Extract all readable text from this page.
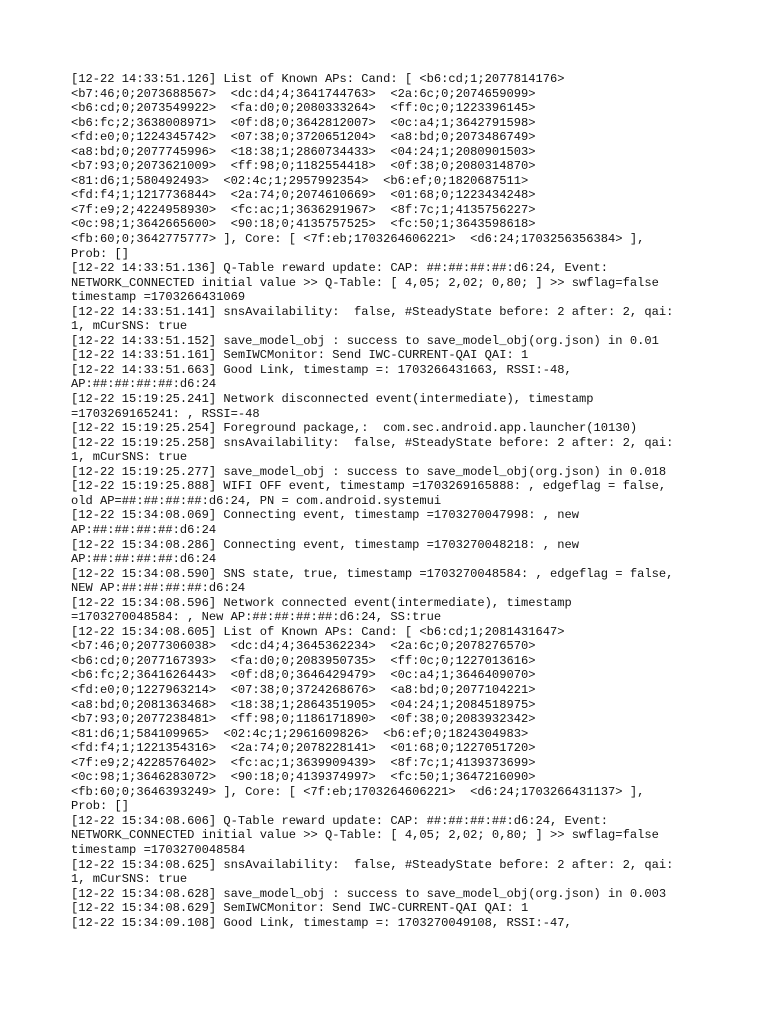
[12-22 14:33:51.126] List of Known APs: Cand: [ <b6:cd;1;2077814176>
<b7:46;0;2073688567>  <dc:d4;4;3641744763>  <2a:6c;0;2074659099>
<b6:cd;0;2073549922>  <fa:d0;0;2080333264>  <ff:0c;0;1223396145>
<b6:fc;2;3638008971>  <0f:d8;0;3642812007>  <0c:a4;1;3642791598>
<fd:e0;0;1224345742>  <07:38;0;3720651204>  <a8:bd;0;2073486749>
<a8:bd;0;2077745996>  <18:38;1;2860734433>  <04:24;1;2080901503>
<b7:93;0;2073621009>  <ff:98;0;1182554418>  <0f:38;0;2080314870>
<81:d6;1;580492493>  <02:4c;1;2957992354>  <b6:ef;0;1820687511>
<fd:f4;1;1217736844>  <2a:74;0;2074610669>  <01:68;0;1223434248>
<7f:e9;2;4224958930>  <fc:ac;1;3636291967>  <8f:7c;1;4135756227>
<0c:98;1;3642665600>  <90:18;0;4135757525>  <fc:50;1;3643598618>
<fb:60;0;3642775777> ], Core: [ <7f:eb;1703264606221>  <d6:24;1703256356384> ],
Prob: []
[12-22 14:33:51.136] Q-Table reward update: CAP: ##:##:##:##:d6:24, Event:
NETWORK_CONNECTED initial value >> Q-Table: [ 4,05; 2,02; 0,80; ] >> swflag=false
timestamp =1703266431069
[12-22 14:33:51.141] snsAvailability:  false, #SteadyState before: 2 after: 2, qai:
1, mCurSNS: true
[12-22 14:33:51.152] save_model_obj : success to save_model_obj(org.json) in 0.01
[12-22 14:33:51.161] SemIWCMonitor: Send IWC-CURRENT-QAI QAI: 1
[12-22 14:33:51.663] Good Link, timestamp =: 1703266431663, RSSI:-48,
AP:##:##:##:##:d6:24
[12-22 15:19:25.241] Network disconnected event(intermediate), timestamp
=1703269165241: , RSSI=-48
[12-22 15:19:25.254] Foreground package,:  com.sec.android.app.launcher(10130)
[12-22 15:19:25.258] snsAvailability:  false, #SteadyState before: 2 after: 2, qai:
1, mCurSNS: true
[12-22 15:19:25.277] save_model_obj : success to save_model_obj(org.json) in 0.018
[12-22 15:19:25.888] WIFI OFF event, timestamp =1703269165888: , edgeflag = false,
old AP=##:##:##:##:d6:24, PN = com.android.systemui
[12-22 15:34:08.069] Connecting event, timestamp =1703270047998: , new
AP:##:##:##:##:d6:24
[12-22 15:34:08.286] Connecting event, timestamp =1703270048218: , new
AP:##:##:##:##:d6:24
[12-22 15:34:08.590] SNS state, true, timestamp =1703270048584: , edgeflag = false,
NEW AP:##:##:##:##:d6:24
[12-22 15:34:08.596] Network connected event(intermediate), timestamp
=1703270048584: , New AP:##:##:##:##:d6:24, SS:true
[12-22 15:34:08.605] List of Known APs: Cand: [ <b6:cd;1;2081431647>
<b7:46;0;2077306038>  <dc:d4;4;3645362234>  <2a:6c;0;2078276570>
<b6:cd;0;2077167393>  <fa:d0;0;2083950735>  <ff:0c;0;1227013616>
<b6:fc;2;3641626443>  <0f:d8;0;3646429479>  <0c:a4;1;3646409070>
<fd:e0;0;1227963214>  <07:38;0;3724268676>  <a8:bd;0;2077104221>
<a8:bd;0;2081363468>  <18:38;1;2864351905>  <04:24;1;2084518975>
<b7:93;0;2077238481>  <ff:98;0;1186171890>  <0f:38;0;2083932342>
<81:d6;1;584109965>  <02:4c;1;2961609826>  <b6:ef;0;1824304983>
<fd:f4;1;1221354316>  <2a:74;0;2078228141>  <01:68;0;1227051720>
<7f:e9;2;4228576402>  <fc:ac;1;3639909439>  <8f:7c;1;4139373699>
<0c:98;1;3646283072>  <90:18;0;4139374997>  <fc:50;1;3647216090>
<fb:60;0;3646393249> ], Core: [ <7f:eb;1703264606221>  <d6:24;1703266431137> ],
Prob: []
[12-22 15:34:08.606] Q-Table reward update: CAP: ##:##:##:##:d6:24, Event:
NETWORK_CONNECTED initial value >> Q-Table: [ 4,05; 2,02; 0,80; ] >> swflag=false
timestamp =1703270048584
[12-22 15:34:08.625] snsAvailability:  false, #SteadyState before: 2 after: 2, qai:
1, mCurSNS: true
[12-22 15:34:08.628] save_model_obj : success to save_model_obj(org.json) in 0.003
[12-22 15:34:08.629] SemIWCMonitor: Send IWC-CURRENT-QAI QAI: 1
[12-22 15:34:09.108] Good Link, timestamp =: 1703270049108, RSSI:-47,
